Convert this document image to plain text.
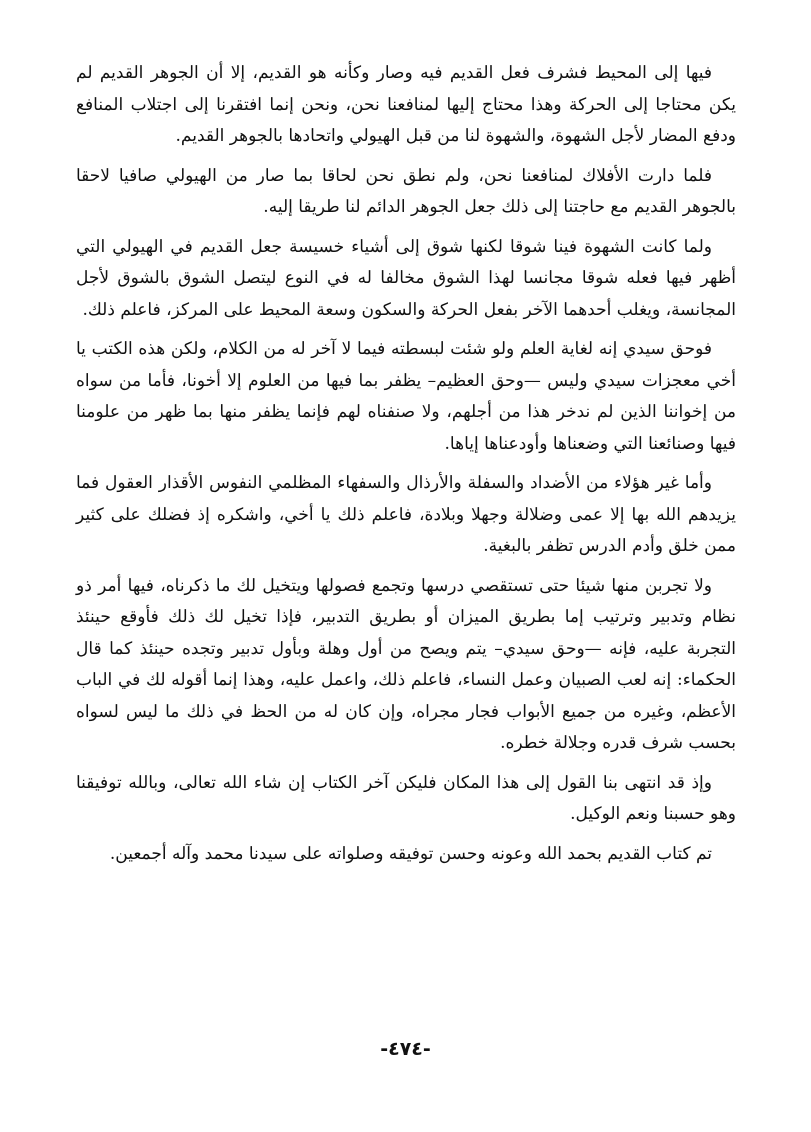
فيها إلى المحيط فشرف فعل القديم فيه وصار وكأنه هو القديم، إلا أن الجوهر القديم لم يكن محتاجا إلى الحركة وهذا محتاج إليها لمنافعنا نحن، ونحن إنما افتقرنا إلى اجتلاب المنافع ودفع المضار لأجل الشهوة، والشهوة لنا من قبل الهيولي واتحادها بالجوهر القديم.

فلما دارت الأفلاك لمنافعنا نحن، ولم نطق نحن لحاقا بما صار من الهيولي صافيا لاحقا بالجوهر القديم مع حاجتنا إلى ذلك جعل الجوهر الدائم لنا طريقا إليه.

ولما كانت الشهوة فينا شوقا لكنها شوق إلى أشياء خسيسة جعل القديم في الهيولي التي أظهر فيها فعله شوقا مجانسا لهذا الشوق مخالفا له في النوع ليتصل الشوق بالشوق لأجل المجانسة، ويغلب أحدهما الآخر بفعل الحركة والسكون وسعة المحيط على المركز، فاعلم ذلك.

فوحق سيدي إنه لغاية العلم ولو شئت لبسطته فيما لا آخر له من الكلام، ولكن هذه الكتب يا أخي معجزات سيدي وليس —وحق العظيم– يظفر بما فيها من العلوم إلا أخونا، فأما من سواه من إخواننا الذين لم ندخر هذا من أجلهم، ولا صنفناه لهم فإنما يظفر منها بما ظهر من علومنا فيها وصنائعنا التي وضعناها وأودعناها إياها.

وأما غير هؤلاء من الأضداد والسفلة والأرذال والسفهاء المظلمي النفوس الأقذار العقول فما يزيدهم الله بها إلا عمى وضلالة وجهلا وبلادة، فاعلم ذلك يا أخي، واشكره إذ فضلك على كثير ممن خلق وأدم الدرس تظفر بالبغية.

ولا تجربن منها شيئا حتى تستقصي درسها وتجمع فصولها ويتخيل لك ما ذكرناه، فيها أمر ذو نظام وتدبير وترتيب إما بطريق الميزان أو بطريق التدبير، فإذا تخيل لك ذلك فأوقع حينئذ التجربة عليه، فإنه —وحق سيدي– يتم ويصح من أول وهلة وبأول تدبير وتجده حينئذ كما قال الحكماء: إنه لعب الصبيان وعمل النساء، فاعلم ذلك، واعمل عليه، وهذا إنما أقوله لك في الباب الأعظم، وغيره من جميع الأبواب فجار مجراه، وإن كان له من الحظ في ذلك ما ليس لسواه بحسب شرف قدره وجلالة خطره.

وإذ قد انتهى بنا القول إلى هذا المكان فليكن آخر الكتاب إن شاء الله تعالى، وبالله توفيقنا وهو حسبنا ونعم الوكيل.

تم كتاب القديم بحمد الله وعونه وحسن توفيقه وصلواته على سيدنا محمد وآله أجمعين.

-٤٧٤-
